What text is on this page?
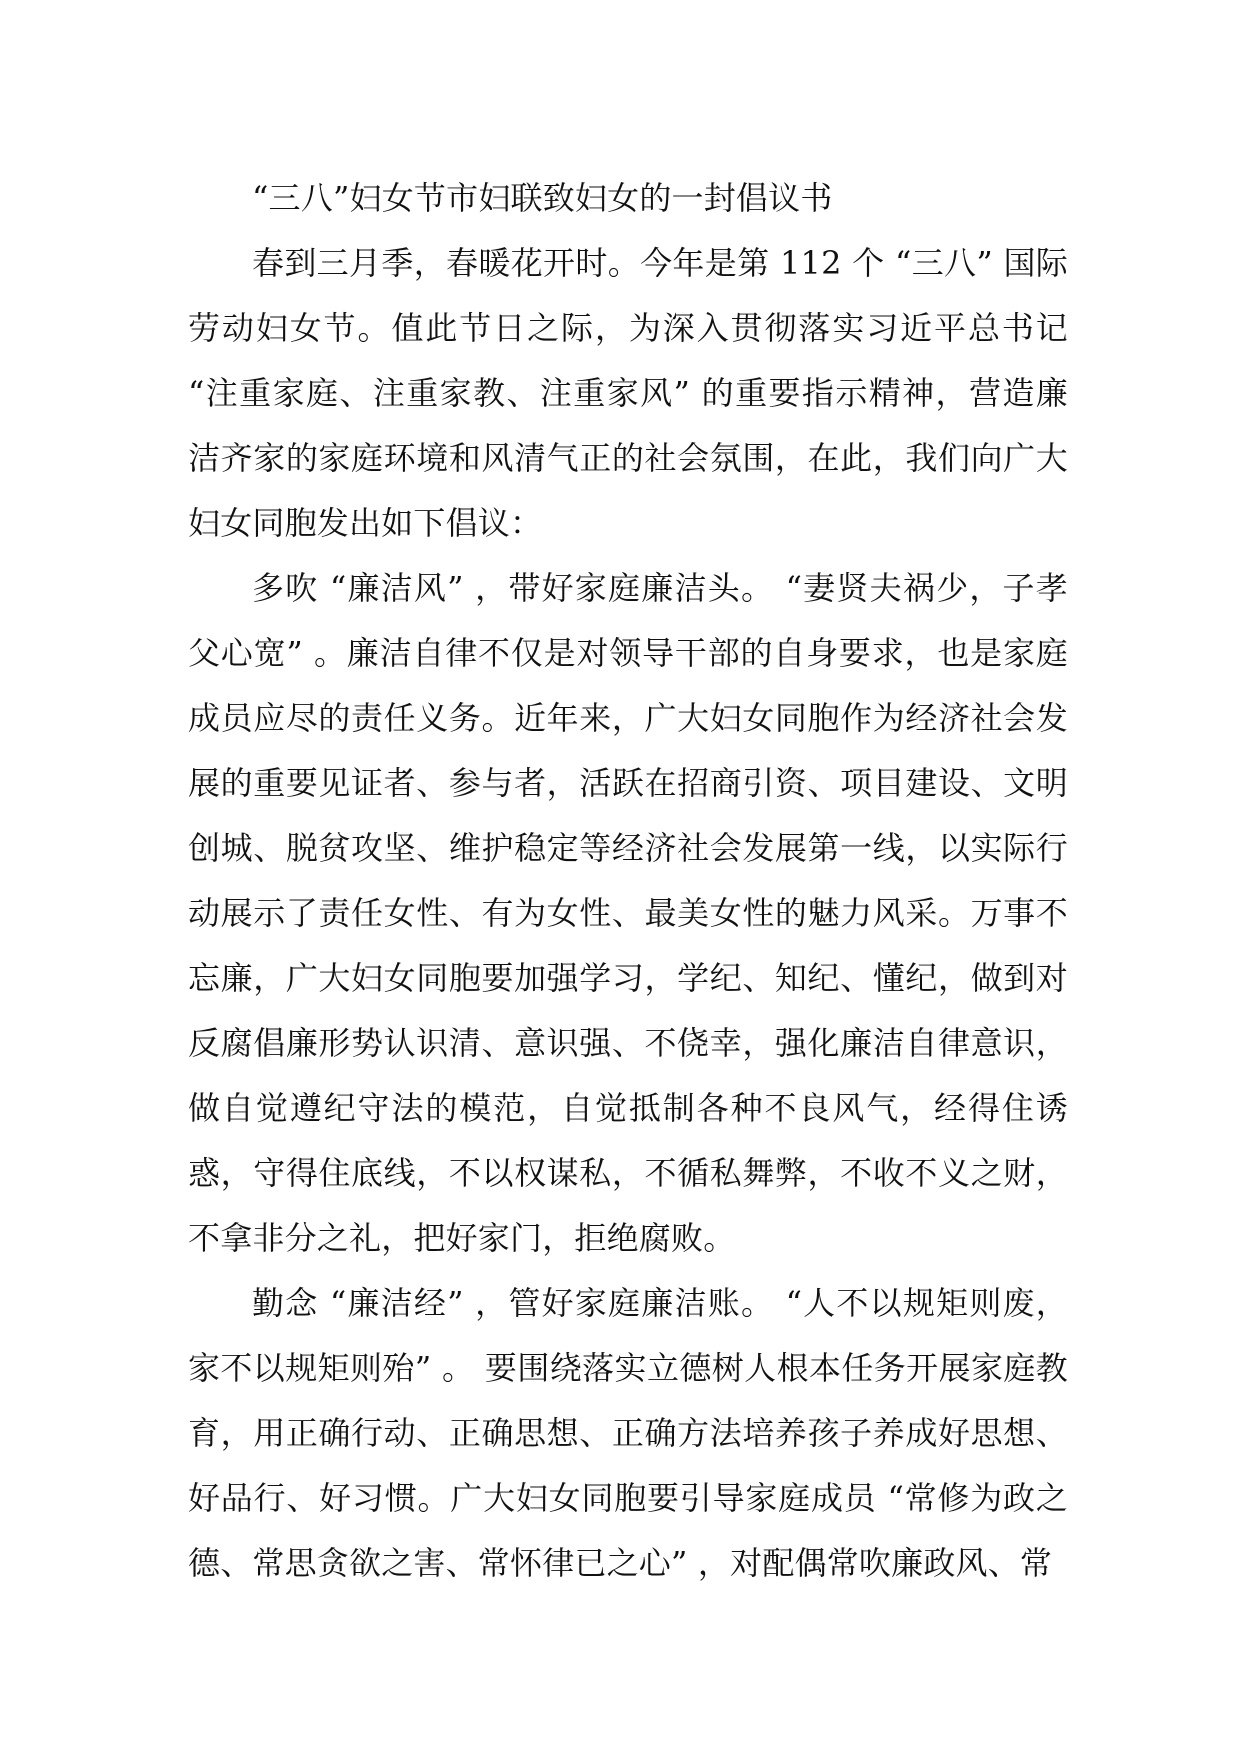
“三八”妇女节市妇联致妇女的一封倡议书

春到三月季，春暖花开时。今年是第 112 个 “三八” 国际劳动妇女节。值此节日之际，为深入贯彻落实习近平总书记 “注重家庭、注重家教、注重家风” 的重要指示精神，营造廉洁齐家的家庭环境和风清气正的社会氛围，在此，我们向广大妇女同胞发出如下倡议：

多吹 “廉洁风” ，带好家庭廉洁头。 “妻贤夫祸少，子孝父心宽” 。廉洁自律不仅是对领导干部的自身要求，也是家庭成员应尽的责任义务。近年来，广大妇女同胞作为经济社会发展的重要见证者、参与者，活跃在招商引资、项目建设、文明创城、脱贫攻坚、维护稳定等经济社会发展第一线，以实际行动展示了责任女性、有为女性、最美女性的魅力风采。万事不忘廉，广大妇女同胞要加强学习，学纪、知纪、懂纪，做到对反腐倡廉形势认识清、意识强、不侥幸，强化廉洁自律意识，做自觉遵纪守法的模范，自觉抵制各种不良风气，经得住诱惑，守得住底线，不以权谋私，不循私舞弊，不收不义之财，不拿非分之礼，把好家门，拒绝腐败。

勤念 “廉洁经” ，管好家庭廉洁账。 “人不以规矩则废，家不以规矩则殆” 。 要围绕落实立德树人根本任务开展家庭教育，用正确行动、正确思想、正确方法培养孩子养成好思想、好品行、好习惯。广大妇女同胞要引导家庭成员 “常修为政之德、常思贪欲之害、常怀律已之心” ，对配偶常吹廉政风、常
